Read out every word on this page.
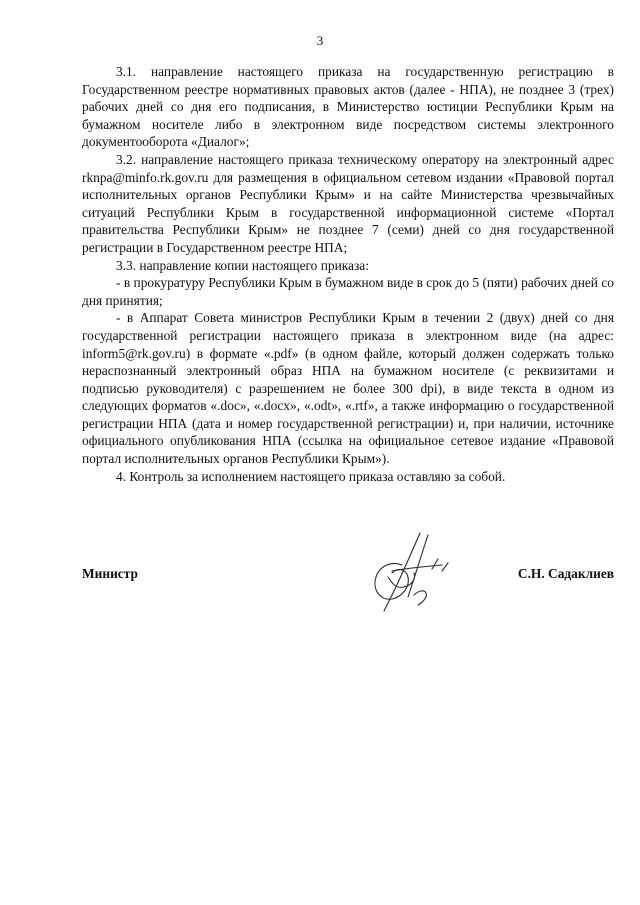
3

3.1. направление настоящего приказа на государственную регистрацию в Государственном реестре нормативных правовых актов (далее - НПА), не позднее 3 (трех) рабочих дней со дня его подписания, в Министерство юстиции Республики Крым на бумажном носителе либо в электронном виде посредством системы электронного документооборота «Диалог»;

3.2. направление настоящего приказа техническому оператору на электронный адрес rknpa@minfo.rk.gov.ru для размещения в официальном сетевом издании «Правовой портал исполнительных органов Республики Крым» и на сайте Министерства чрезвычайных ситуаций Республики Крым в государственной информационной системе «Портал правительства Республики Крым» не позднее 7 (семи) дней со дня государственной регистрации в Государственном реестре НПА;

3.3. направление копии настоящего приказа:

- в прокуратуру Республики Крым в бумажном виде в срок до 5 (пяти) рабочих дней со дня принятия;

- в Аппарат Совета министров Республики Крым в течении 2 (двух) дней со дня государственной регистрации настоящего приказа в электронном виде (на адрес: inform5@rk.gov.ru) в формате «.pdf» (в одном файле, который должен содержать только нераспознанный электронный образ НПА на бумажном носителе (с реквизитами и подписью руководителя) с разрешением не более 300 dpi), в виде текста в одном из следующих форматов «.doc», «.docx», «.odt», «.rtf», а также информацию о государственной регистрации НПА (дата и номер государственной регистрации) и, при наличии, источнике официального опубликования НПА (ссылка на официальное сетевое издание «Правовой портал исполнительных органов Республики Крым»).

4. Контроль за исполнением настоящего приказа оставляю за собой.

Министр	С.Н. Садаклиев
